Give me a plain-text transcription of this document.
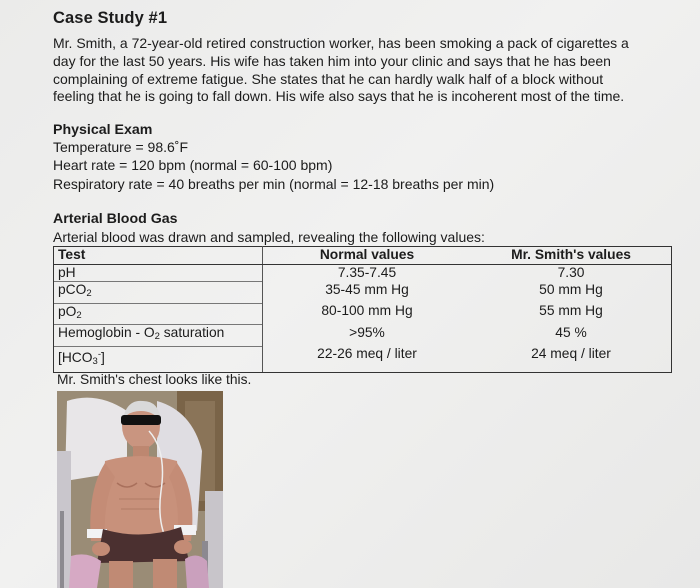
Case Study #1
Mr. Smith, a 72-year-old retired construction worker, has been smoking a pack of cigarettes a
day for the last 50 years. His wife has taken him into your clinic and says that he has been
complaining of extreme fatigue. She states that he can hardly walk half of a block without
feeling that he is going to fall down. His wife also says that he is incoherent most of the time.
Physical Exam
Temperature = 98.6˚F
Heart rate = 120 bpm (normal = 60-100 bpm)
Respiratory rate = 40 breaths per min (normal = 12-18 breaths per min)
Arterial Blood Gas
Arterial blood was drawn and sampled, revealing the following values:
Test	Normal values	Mr. Smith's values
pH	7.35-7.45	7.30
pCO$_2$	35-45 mm Hg	50 mm Hg
$pO_2$	80-100 mm Hg	55 mm Hg
Hemoglobin - $O_2$ saturation	>95%	45 %
$[HCO_3^-]$	22-26 meq / liter	24 meq / liter
Mr. Smith's chest looks like this.
